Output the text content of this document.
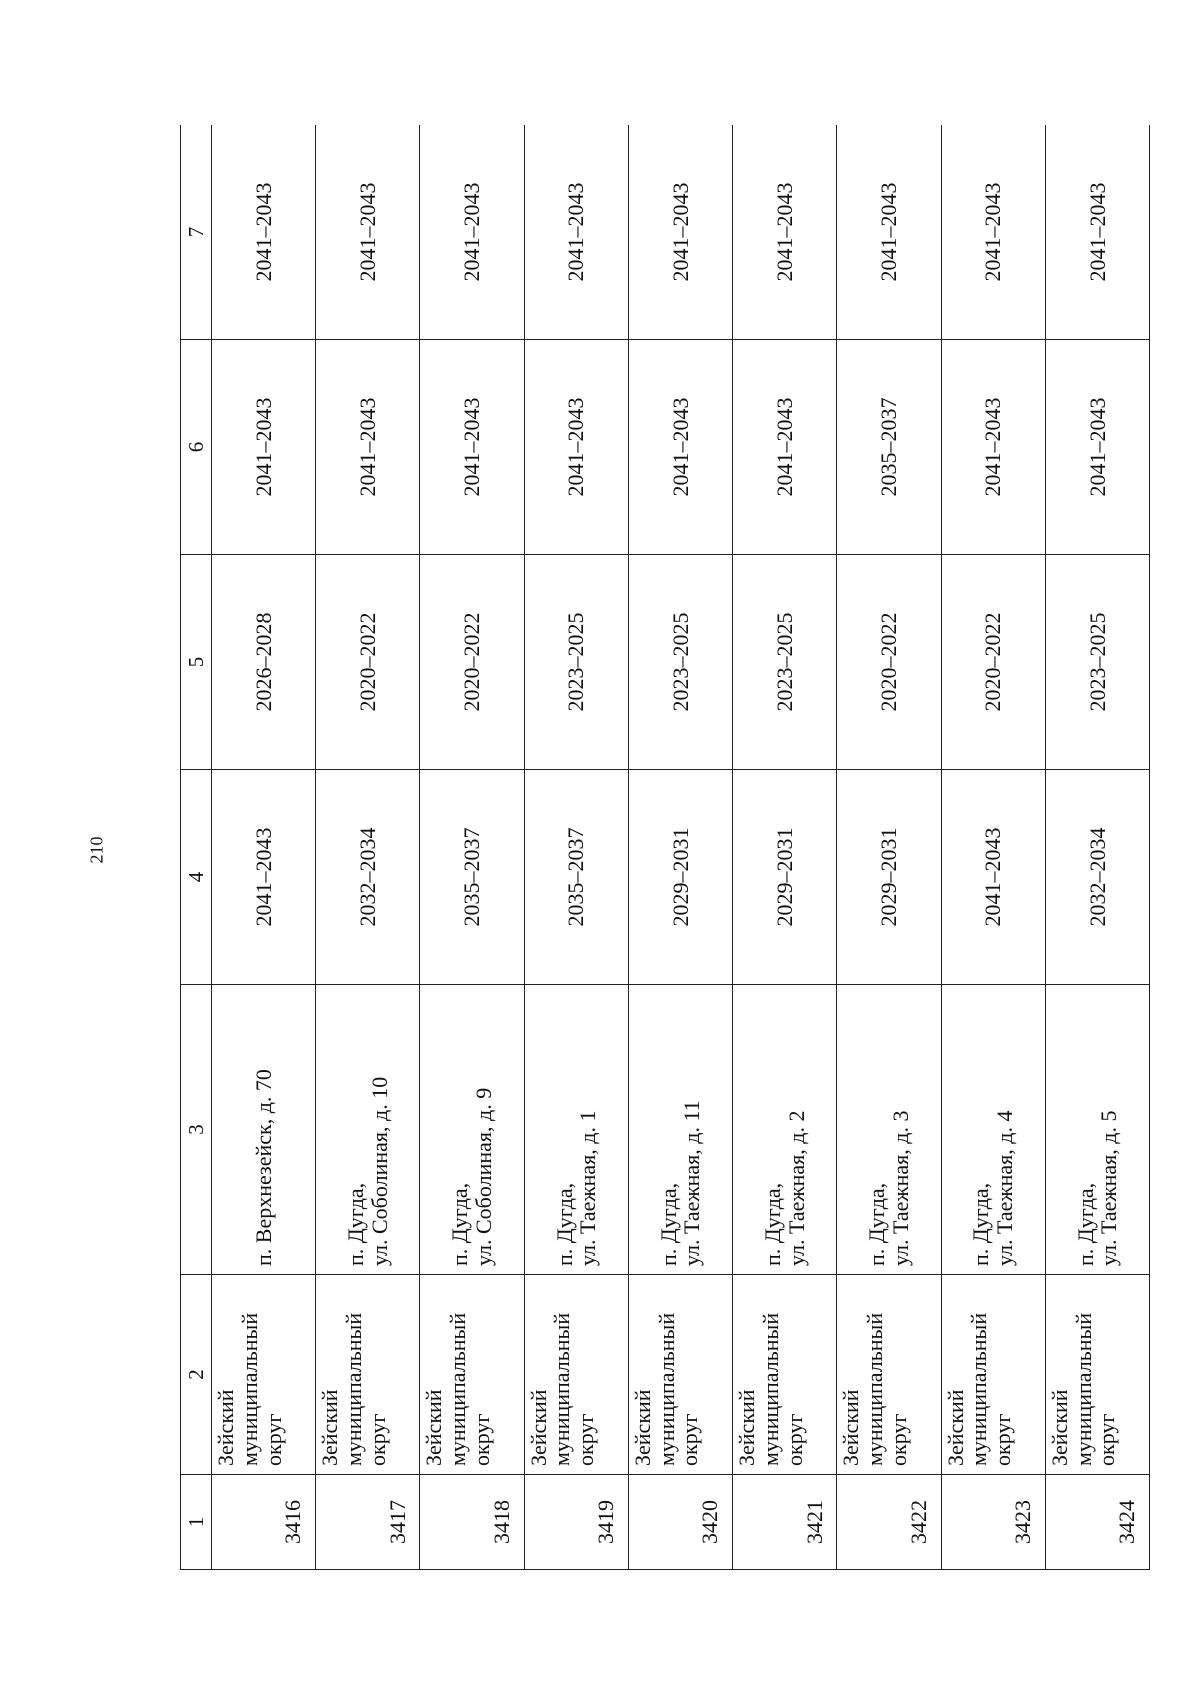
210
1	2	3	4	5	6	7
3416	Зейский
муниципальный
округ	п. Верхнезейск, д. 70	2041–2043	2026–2028	2041–2043	2041–2043
3417	Зейский
муниципальный
округ	п. Дугда,
ул. Соболиная, д. 10	2032–2034	2020–2022	2041–2043	2041–2043
3418	Зейский
муниципальный
округ	п. Дугда,
ул. Соболиная, д. 9	2035–2037	2020–2022	2041–2043	2041–2043
3419	Зейский
муниципальный
округ	п. Дугда,
ул. Таежная, д. 1	2035–2037	2023–2025	2041–2043	2041–2043
3420	Зейский
муниципальный
округ	п. Дугда,
ул. Таежная, д. 11	2029–2031	2023–2025	2041–2043	2041–2043
3421	Зейский
муниципальный
округ	п. Дугда,
ул. Таежная, д. 2	2029–2031	2023–2025	2041–2043	2041–2043
3422	Зейский
муниципальный
округ	п. Дугда,
ул. Таежная, д. 3	2029–2031	2020–2022	2035–2037	2041–2043
3423	Зейский
муниципальный
округ	п. Дугда,
ул. Таежная, д. 4	2041–2043	2020–2022	2041–2043	2041–2043
3424	Зейский
муниципальный
округ	п. Дугда,
ул. Таежная, д. 5	2032–2034	2023–2025	2041–2043	2041–2043
